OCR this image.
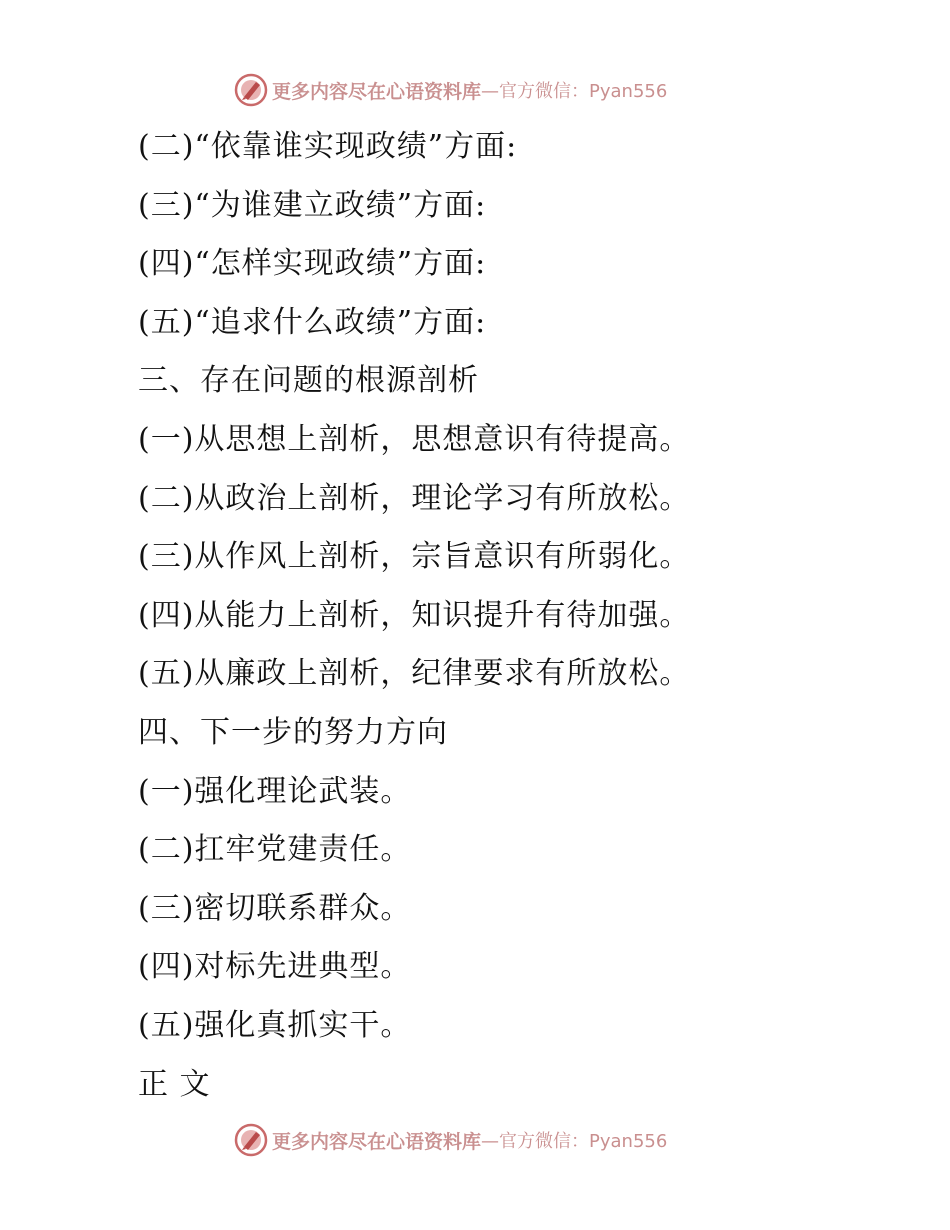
更多内容尽在心语资料库 —官方微信：Pyan556
(二)“依靠谁实现政绩”方面:
(三)“为谁建立政绩”方面:
(四)“怎样实现政绩”方面:
(五)“追求什么政绩”方面:
三、存在问题的根源剖析
(一)从思想上剖析，思想意识有待提高。
(二)从政治上剖析，理论学习有所放松。
(三)从作风上剖析，宗旨意识有所弱化。
(四)从能力上剖析，知识提升有待加强。
(五)从廉政上剖析，纪律要求有所放松。
四、下一步的努力方向
(一)强化理论武装。
(二)扛牢党建责任。
(三)密切联系群众。
(四)对标先进典型。
(五)强化真抓实干。
正 文
更多内容尽在心语资料库 —官方微信：Pyan556
